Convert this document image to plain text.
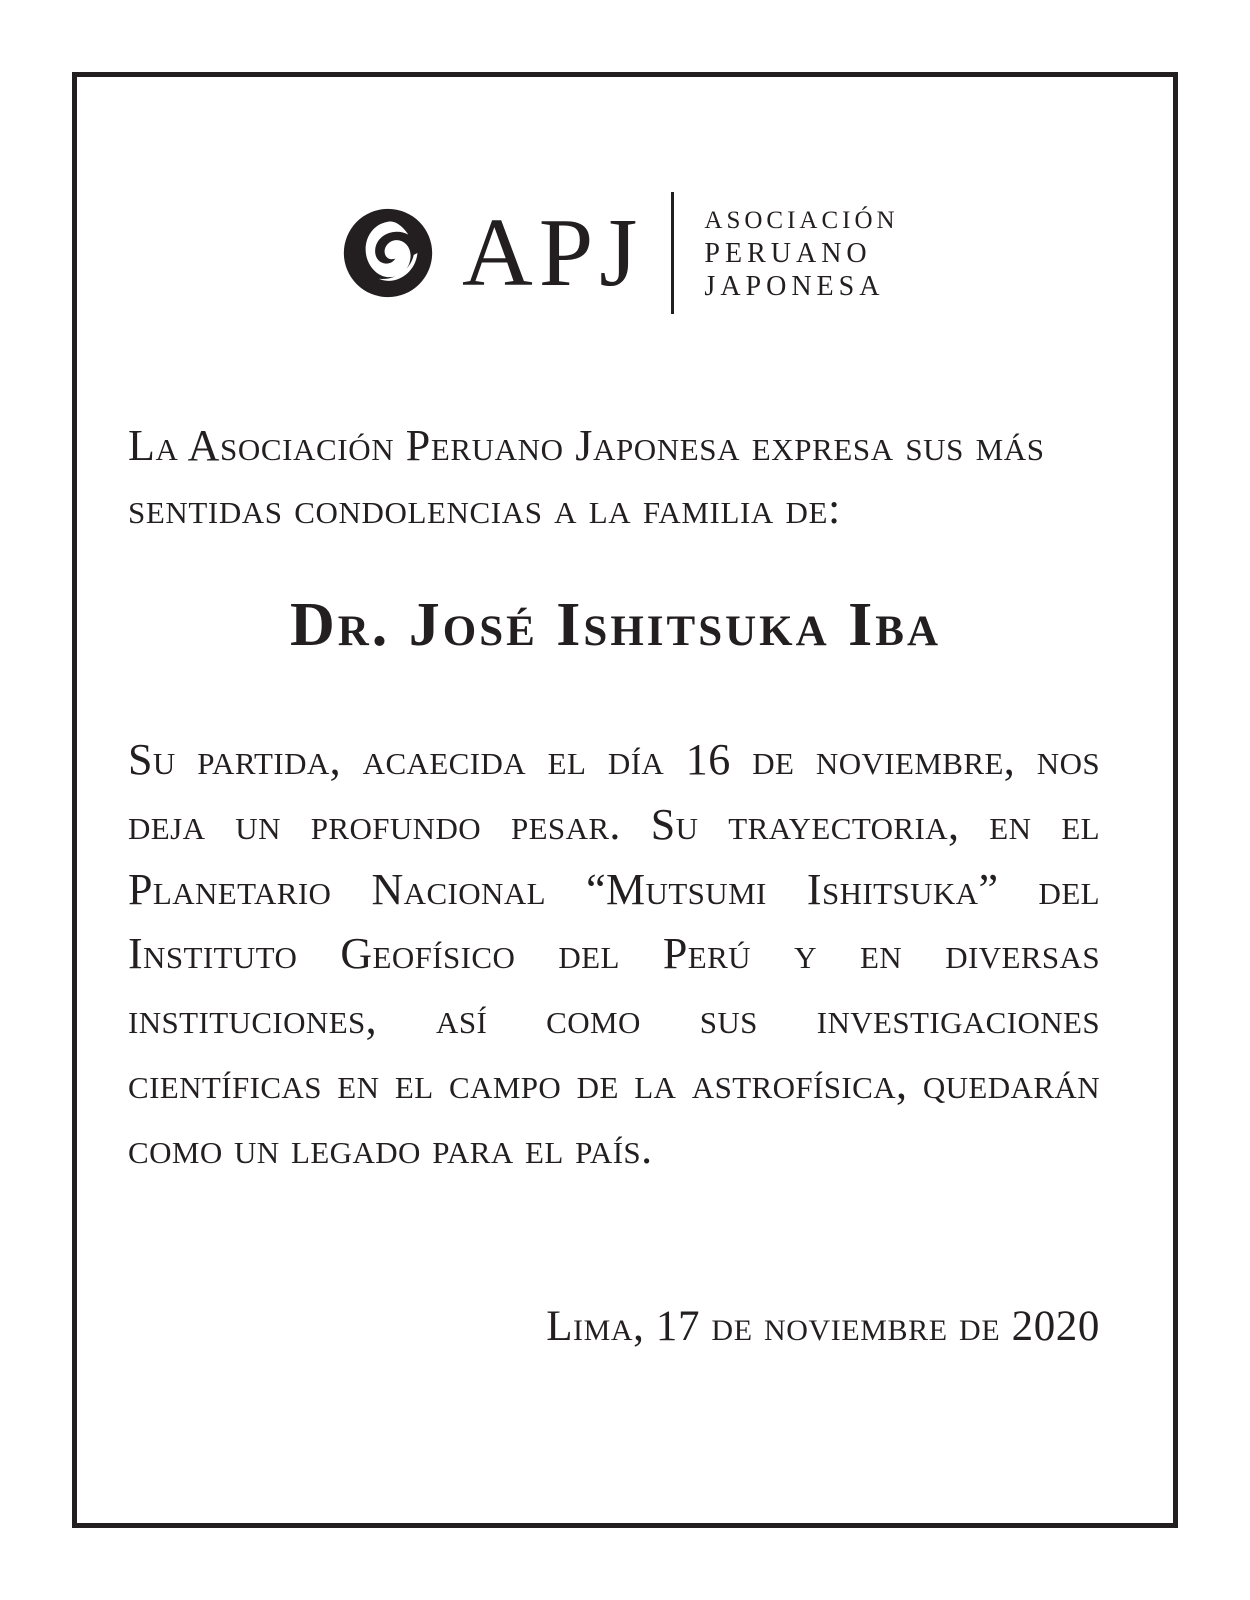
APJ ASOCIACIÓN
PERUANO
JAPONESA

La Asociación Peruano Japonesa expresa sus más sentidas condolencias a la familia de:

Dr. José Ishitsuka Iba

Su partida, acaecida el día 16 de noviembre, nos deja un profundo pesar. Su trayectoria, en el Planetario Nacional “Mutsumi Ishitsuka” del Instituto Geofísico del Perú y en diversas instituciones, así como sus investigaciones científicas en el campo de la astrofísica, quedarán como un legado para el país.

Lima, 17 de noviembre de 2020
